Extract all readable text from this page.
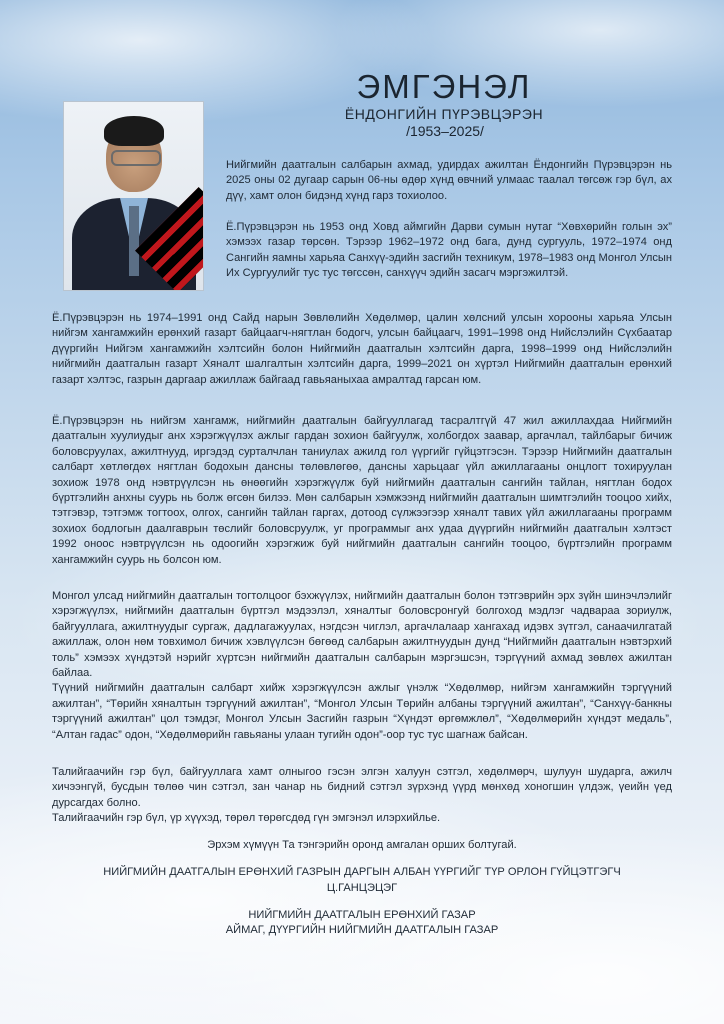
ЭМГЭНЭЛ
ЁНДОНГИЙН ПҮРЭВЦЭРЭН
/1953–2025/

Нийгмийн даатгалын салбарын ахмад, удирдах ажилтан Ёндонгийн Пүрэвцэрэн нь 2025 оны 02 дугаар сарын 06-ны өдөр хүнд өвчний улмаас таалал төгсөж гэр бүл, ах дүү, хамт олон бидэнд хүнд гарз тохиолоо.

Ё.Пүрэвцэрэн нь 1953 онд Ховд аймгийн Дарви сумын нутаг “Хөвхөрийн голын эх” хэмээх газар төрсөн. Тэрээр 1962–1972 онд бага, дунд сургууль, 1972–1974 онд Сангийн яамны харьяа Санхүү-эдийн засгийн техникум, 1978–1983 онд Монгол Улсын Их Сургуулийг тус тус төгссөн, санхүүч эдийн засагч мэргэжилтэй.

Ё.Пүрэвцэрэн нь 1974–1991 онд Сайд нарын Зөвлөлийн Хөдөлмөр, цалин хөлсний улсын хорооны харьяа Улсын нийгэм хангамжийн ерөнхий газарт байцаагч-нягтлан бодогч, улсын байцаагч, 1991–1998 онд Нийслэлийн Сүхбаатар дүүргийн Нийгэм хангамжийн хэлтсийн болон Нийгмийн даатгалын хэлтсийн дарга, 1998–1999 онд Нийслэлийн нийгмийн даатгалын газарт Хяналт шалгалтын хэлтсийн дарга, 1999–2021 он хүртэл Нийгмийн даатгалын ерөнхий газарт хэлтэс, газрын даргаар ажиллаж байгаад гавьяаныхаа амралтад гарсан юм.

Ё.Пүрэвцэрэн нь нийгэм хангамж, нийгмийн даатгалын байгууллагад тасралтгүй 47 жил ажиллахдаа Нийгмийн даатгалын хуулиудыг анх хэрэгжүүлэх ажлыг гардан зохион байгуулж, холбогдох заавар, аргачлал, тайлбарыг бичиж боловсруулах, ажилтнууд, иргэдэд сурталчлан таниулах ажилд гол үүргийг гүйцэтгэсэн. Тэрээр Нийгмийн даатгалын салбарт хөтлөгдөх нягтлан бодохын дансны төлөвлөгөө, дансны харьцааг үйл ажиллагааны онцлогт тохируулан зохиож 1978 онд нэвтрүүлсэн нь өнөөгийн хэрэгжүүлж буй нийгмийн даатгалын сангийн тайлан, нягтлан бодох бүртгэлийн анхны суурь нь болж өгсөн билээ. Мөн салбарын хэмжээнд нийгмийн даатгалын шимтгэлийн тооцоо хийх, тэтгэвэр, тэтгэмж тогтоох, олгох, сангийн тайлан гаргах, дотоод сүлжээгээр хяналт тавих үйл ажиллагааны программ зохиох бодлогын даалгаврын төслийг боловсруулж, уг программыг анх удаа дүүргийн нийгмийн даатгалын хэлтэст 1992 оноос нэвтрүүлсэн нь одоогийн хэрэгжиж буй нийгмийн даатгалын сангийн тооцоо, бүртгэлийн программ хангамжийн суурь нь болсон юм.

Монгол улсад нийгмийн даатгалын тогтолцоог бэхжүүлэх, нийгмийн даатгалын болон тэтгэврийн эрх зүйн шинэчлэлийг хэрэгжүүлэх, нийгмийн даатгалын бүртгэл мэдээлэл, хяналтыг боловсронгуй болгоход мэдлэг чадвараа зориулж, байгууллага, ажилтнуудыг сургаж, дадлагажуулах, нэгдсэн чиглэл, аргачлалаар хангахад идэвх зүтгэл, санаачилгатай ажиллаж, олон нөм товхимол бичиж хэвлүүлсэн бөгөөд салбарын ажилтнуудын дунд “Нийгмийн даатгалын нэвтэрхий толь” хэмээх хүндэтэй нэрийг хүртсэн нийгмийн даатгалын салбарын мэргэшсэн, тэргүүний ахмад зөвлөх ажилтан байлаа.
Түүний нийгмийн даатгалын салбарт хийж хэрэгжүүлсэн ажлыг үнэлж “Хөдөлмөр, нийгэм хангамжийн тэргүүний ажилтан”, “Төрийн хяналтын тэргүүний ажилтан”, “Монгол Улсын Төрийн албаны тэргүүний ажилтан”, “Санхүү-банкны тэргүүний ажилтан” цол тэмдэг, Монгол Улсын Засгийн газрын “Хүндэт өргөмжлөл”, “Хөдөлмөрийн хүндэт медаль”, “Алтан гадас” одон, “Хөдөлмөрийн гавьяаны улаан тугийн одон”-оор тус тус шагнаж байсан.

Талийгаачийн гэр бүл, байгууллага хамт олныгоо гэсэн элгэн халуун сэтгэл, хөдөлмөрч, шулуун шударга, ажилч хичээнгүй, бусдын төлөө чин сэтгэл, зан чанар нь бидний сэтгэл зүрхэнд үүрд мөнхөд хоногшин үлдэж, үеийн үед дурсагдах болно.
Талийгаачийн гэр бүл, үр хүүхэд, төрөл төрөгсдөд гүн эмгэнэл илэрхийлье.

Эрхэм хүмүүн Та тэнгэрийн оронд амгалан орших болтугай.
НИЙГМИЙН ДААТГАЛЫН ЕРӨНХИЙ ГАЗРЫН ДАРГЫН АЛБАН ҮҮРГИЙГ ТҮР ОРЛОН ГҮЙЦЭТГЭГЧ
Ц.ГАНЦЭЦЭГ
НИЙГМИЙН ДААТГАЛЫН ЕРӨНХИЙ ГАЗАР
АЙМАГ, ДҮҮРГИЙН НИЙГМИЙН ДААТГАЛЫН ГАЗАР
